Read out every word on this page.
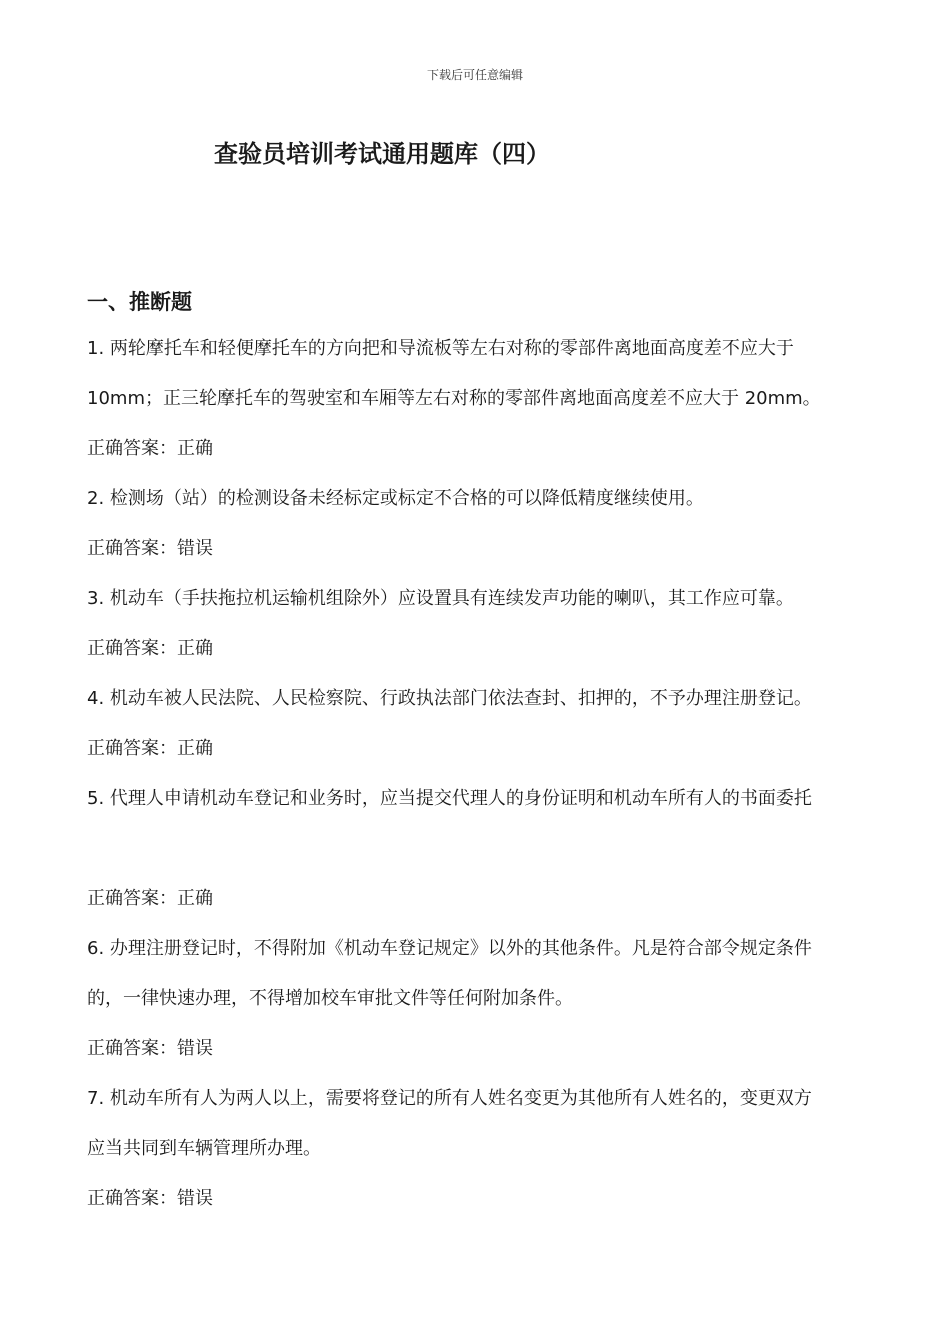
下载后可任意编辑
查验员培训考试通用题库（四）
一、推断题
1. 两轮摩托车和轻便摩托车的方向把和导流板等左右对称的零部件离地面高度差不应大于
10mm；正三轮摩托车的驾驶室和车厢等左右对称的零部件离地面高度差不应大于 20mm。
正确答案：正确
2. 检测场（站）的检测设备未经标定或标定不合格的可以降低精度继续使用。
正确答案：错误
3. 机动车（手扶拖拉机运输机组除外）应设置具有连续发声功能的喇叭，其工作应可靠。
正确答案：正确
4. 机动车被人民法院、人民检察院、行政执法部门依法查封、扣押的，不予办理注册登记。
正确答案：正确
5. 代理人申请机动车登记和业务时，应当提交代理人的身份证明和机动车所有人的书面委托
正确答案：正确
6. 办理注册登记时，不得附加《机动车登记规定》以外的其他条件。凡是符合部令规定条件
的，一律快速办理，不得增加校车审批文件等任何附加条件。
正确答案：错误
7. 机动车所有人为两人以上，需要将登记的所有人姓名变更为其他所有人姓名的，变更双方
应当共同到车辆管理所办理。
正确答案：错误
